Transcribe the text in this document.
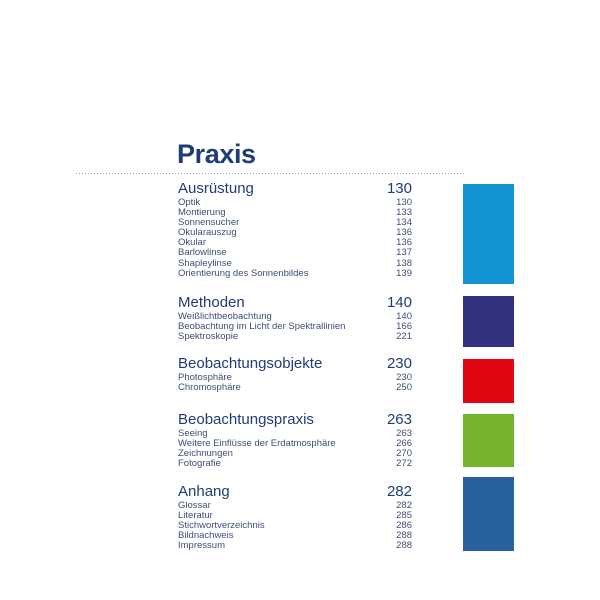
Praxis
Ausrüstung	130
Optik	130
Montierung	133
Sonnensucher	134
Okularauszug	136
Okular	136
Barlowlinse	137
Shapleylinse	138
Orientierung des Sonnenbildes	139
Methoden	140
Weißlichtbeobachtung	140
Beobachtung im Licht der Spektrallinien	166
Spektroskopie	221
Beobachtungsobjekte	230
Photosphäre	230
Chromosphäre	250
Beobachtungspraxis	263
Seeing	263
Weitere Einflüsse der Erdatmosphäre	266
Zeichnungen	270
Fotografie	272
Anhang	282
Glossar	282
Literatur	285
Stichwortverzeichnis	286
Bildnachweis	288
Impressum	288
